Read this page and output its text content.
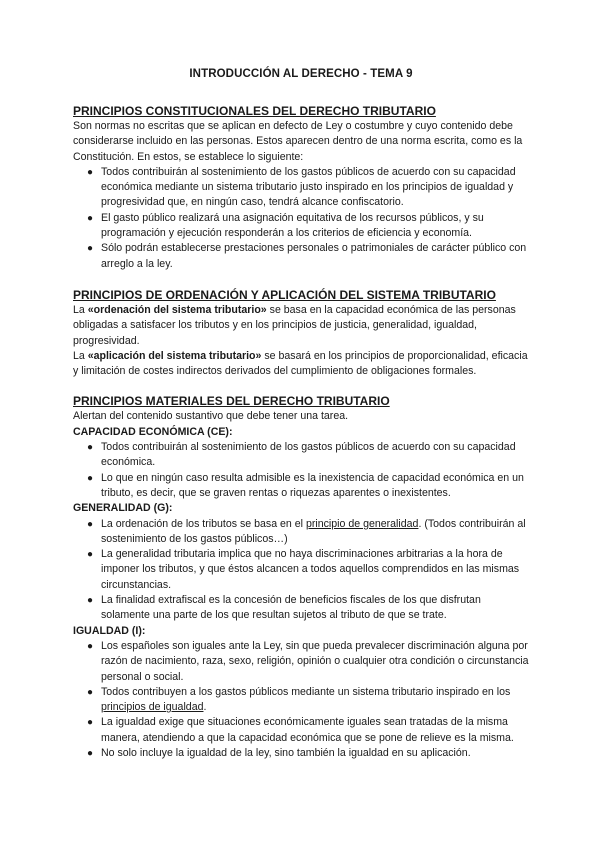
INTRODUCCIÓN AL DERECHO - TEMA 9
PRINCIPIOS CONSTITUCIONALES DEL DERECHO TRIBUTARIO
Son normas no escritas que se aplican en defecto de Ley o costumbre y cuyo contenido debe considerarse incluido en las personas. Estos aparecen dentro de una norma escrita, como es la Constitución. En estos, se establece lo siguiente:
● Todos contribuirán al sostenimiento de los gastos públicos de acuerdo con su capacidad económica mediante un sistema tributario justo inspirado en los principios de igualdad y progresividad que, en ningún caso, tendrá alcance confiscatorio.
● El gasto público realizará una asignación equitativa de los recursos públicos, y su programación y ejecución responderán a los criterios de eficiencia y economía.
● Sólo podrán establecerse prestaciones personales o patrimoniales de carácter público con arreglo a la ley.
PRINCIPIOS DE ORDENACIÓN Y APLICACIÓN DEL SISTEMA TRIBUTARIO
La «ordenación del sistema tributario» se basa en la capacidad económica de las personas obligadas a satisfacer los tributos y en los principios de justicia, generalidad, igualdad, progresividad.
La «aplicación del sistema tributario» se basará en los principios de proporcionalidad, eficacia y limitación de costes indirectos derivados del cumplimiento de obligaciones formales.
PRINCIPIOS MATERIALES DEL DERECHO TRIBUTARIO
Alertan del contenido sustantivo que debe tener una tarea.
CAPACIDAD ECONÓMICA (CE):
● Todos contribuirán al sostenimiento de los gastos públicos de acuerdo con su capacidad económica.
● Lo que en ningún caso resulta admisible es la inexistencia de capacidad económica en un tributo, es decir, que se graven rentas o riquezas aparentes o inexistentes.
GENERALIDAD (G):
● La ordenación de los tributos se basa en el principio de generalidad. (Todos contribuirán al sostenimiento de los gastos públicos…)
● La generalidad tributaria implica que no haya discriminaciones arbitrarias a la hora de imponer los tributos, y que éstos alcancen a todos aquellos comprendidos en las mismas circunstancias.
● La finalidad extrafiscal es la concesión de beneficios fiscales de los que disfrutan solamente una parte de los que resultan sujetos al tributo de que se trate.
IGUALDAD (I):
● Los españoles son iguales ante la Ley, sin que pueda prevalecer discriminación alguna por razón de nacimiento, raza, sexo, religión, opinión o cualquier otra condición o circunstancia personal o social.
● Todos contribuyen a los gastos públicos mediante un sistema tributario inspirado en los principios de igualdad.
● La igualdad exige que situaciones económicamente iguales sean tratadas de la misma manera, atendiendo a que la capacidad económica que se pone de relieve es la misma.
● No solo incluye la igualdad de la ley, sino también la igualdad en su aplicación.
